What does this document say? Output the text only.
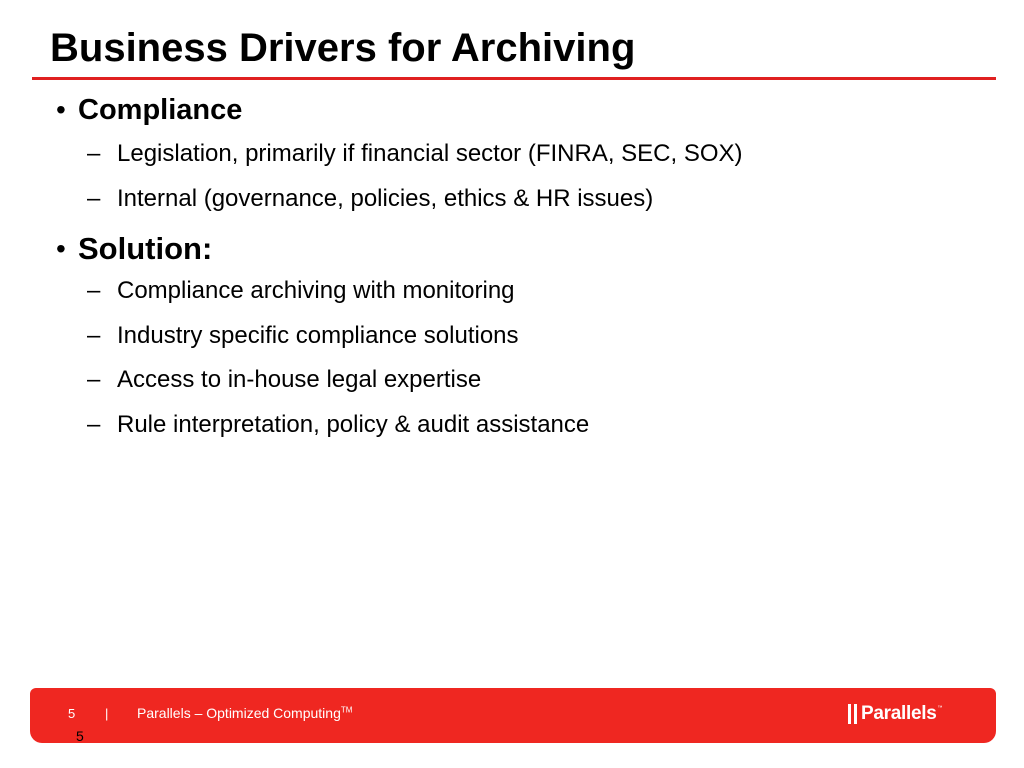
Business Drivers for Archiving
• Compliance
– Legislation, primarily if financial sector (FINRA, SEC, SOX)
– Internal (governance, policies, ethics & HR issues)
• Solution:
– Compliance archiving with monitoring
– Industry specific compliance solutions
– Access to in-house legal expertise
– Rule interpretation, policy & audit assistance
5 | Parallels – Optimized Computing™	Parallels ™
5
